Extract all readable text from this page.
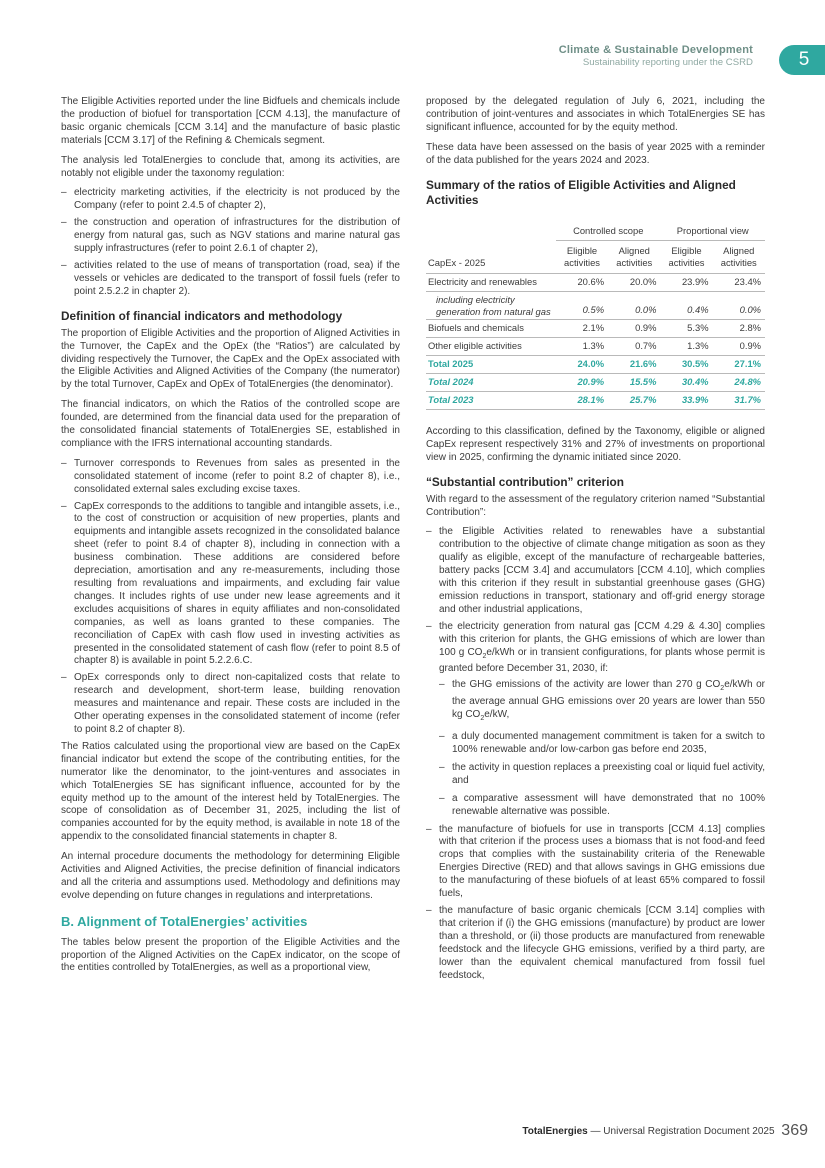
Climate & Sustainable Development
Sustainability reporting under the CSRD	5

The Eligible Activities reported under the line Bidfuels and chemicals include the production of biofuel for transportation [CCM 4.13], the manufacture of basic organic chemicals [CCM 3.14] and the manufacture of basic plastic materials [CCM 3.17] of the Refining & Chemicals segment.

The analysis led TotalEnergies to conclude that, among its activities, are notably not eligible under the taxonomy regulation:

– electricity marketing activities, if the electricity is not produced by the Company (refer to point 2.4.5 of chapter 2),
– the construction and operation of infrastructures for the distribution of energy from natural gas, such as NGV stations and marine natural gas supply infrastructures (refer to point 2.6.1 of chapter 2),
– activities related to the use of means of transportation (road, sea) if the vessels or vehicles are dedicated to the transport of fossil fuels (refer to point 2.5.2.2 in chapter 2).
Definition of financial indicators and methodology

The proportion of Eligible Activities and the proportion of Aligned Activities in the Turnover, the CapEx and the OpEx (the “Ratios”) are calculated by dividing respectively the Turnover, the CapEx and the OpEx associated with the Eligible Activities and Aligned Activities of the Company (the numerator) by the total Turnover, CapEx and OpEx of TotalEnergies (the denominator).

The financial indicators, on which the Ratios of the controlled scope are founded, are determined from the financial data used for the preparation of the consolidated financial statements of TotalEnergies SE, established in compliance with the IFRS international accounting standards.

– Turnover corresponds to Revenues from sales as presented in the consolidated statement of income (refer to point 8.2 of chapter 8), i.e., consolidated external sales excluding excise taxes.
– CapEx corresponds to the additions to tangible and intangible assets, i.e., to the cost of construction or acquisition of new properties, plants and equipments and intangible assets recognized in the consolidated balance sheet (refer to point 8.4 of chapter 8), including in connection with a business combination. These additions are considered before depreciation, amortisation and any re-measurements, including those resulting from revaluations and impairments, and excluding fair value changes. It includes rights of use under new lease agreements and it excludes acquisitions of shares in equity affiliates and non-consolidated companies, as well as loans granted to these companies. The reconciliation of CapEx with cash flow used in investing activities as presented in the consolidated statement of cash flow (refer to point 8.5 of chapter 8) is available in point 5.2.2.6.C.
– OpEx corresponds only to direct non-capitalized costs that relate to research and development, short-term lease, building renovation measures and maintenance and repair. These costs are included in the Other operating expenses in the consolidated statement of income (refer to point 8.2 of chapter 8).

The Ratios calculated using the proportional view are based on the CapEx financial indicator but extend the scope of the contributing entities, for the numerator like the denominator, to the joint-ventures and associates in which TotalEnergies SE has significant influence, accounted for by the equity method up to the amount of the interest held by TotalEnergies. The scope of consolidation as of December 31, 2025, including the list of companies accounted for by the equity method, is available in note 18 of the appendix to the consolidated financial statements in chapter 8.

An internal procedure documents the methodology for determining Eligible Activities and Aligned Activities, the precise definition of financial indicators and all the criteria and assumptions used. Methodology and definitions may evolve depending on future changes in regulations and interpretations.

B. Alignment of TotalEnergies’ activities

The tables below present the proportion of the Eligible Activities and the proportion of the Aligned Activities on the CapEx indicator, on the scope of the entities controlled by TotalEnergies, as well as a proportional view,

proposed by the delegated regulation of July 6, 2021, including the contribution of joint-ventures and associates in which TotalEnergies SE has significant influence, accounted for by the equity method.

These data have been assessed on the basis of year 2025 with a reminder of the data published for the years 2024 and 2023.

Summary of the ratios of Eligible Activities and Aligned Activities
	Controlled scope		Proportional view	
CapEx - 2025	Eligible activities	Aligned activities	Eligible activities	Aligned activities
Electricity and renewables	20.6%	20.0%	23.9%	23.4%
including electricity generation from natural gas	0.5%	0.0%	0.4%	0.0%
Biofuels and chemicals	2.1%	0.9%	5.3%	2.8%
Other eligible activities	1.3%	0.7%	1.3%	0.9%
Total 2025	24.0%	21.6%	30.5%	27.1%
Total 2024	20.9%	15.5%	30.4%	24.8%
Total 2023	28.1%	25.7%	33.9%	31.7%

According to this classification, defined by the Taxonomy, eligible or aligned CapEx represent respectively 31% and 27% of investments on proportional view in 2025, confirming the dynamic initiated since 2020.

“Substantial contribution” criterion

With regard to the assessment of the regulatory criterion named “Substantial Contribution”:

– the Eligible Activities related to renewables have a substantial contribution to the objective of climate change mitigation as soon as they qualify as eligible, except of the manufacture of rechargeable batteries, battery packs [CCM 3.4] and accumulators [CCM 4.10], which complies with this criterion if they result in substantial greenhouse gases (GHG) emission reductions in transport, stationary and off-grid energy storage and other industrial applications,
– the electricity generation from natural gas [CCM 4.29 & 4.30] complies with this criterion for plants, the GHG emissions of which are lower than 100 g $CO_2e$/kWh or in transient configurations, for plants whose permit is granted before December 31, 2030, if:
– the GHG emissions of the activity are lower than 270 g $CO_2e$/kWh or the average annual GHG emissions over 20 years are lower than 550 kg $CO_2e/kW$,
– a duly documented management commitment is taken for a switch to 100% renewable and/or low-carbon gas before end 2035,
– the activity in question replaces a preexisting coal or liquid fuel activity, and
– a comparative assessment will have demonstrated that no 100% renewable alternative was possible.
– the manufacture of biofuels for use in transports [CCM 4.13] complies with that criterion if the process uses a biomass that is not food-and feed crops that complies with the sustainability criteria of the Renewable Energies Directive (RED) and that allows savings in GHG emissions due to the manufacturing of these biofuels of at least 65% compared to fossil fuels,
– the manufacture of basic organic chemicals [CCM 3.14] complies with that criterion if (i) the GHG emissions (manufacture) by product are lower than a threshold, or (ii) those products are manufactured from renewable feedstock and the lifecycle GHG emissions, verified by a third party, are lower than the equivalent chemical manufactured from fossil fuel feedstock,
TotalEnergies — Universal Registration Document 2025 369
